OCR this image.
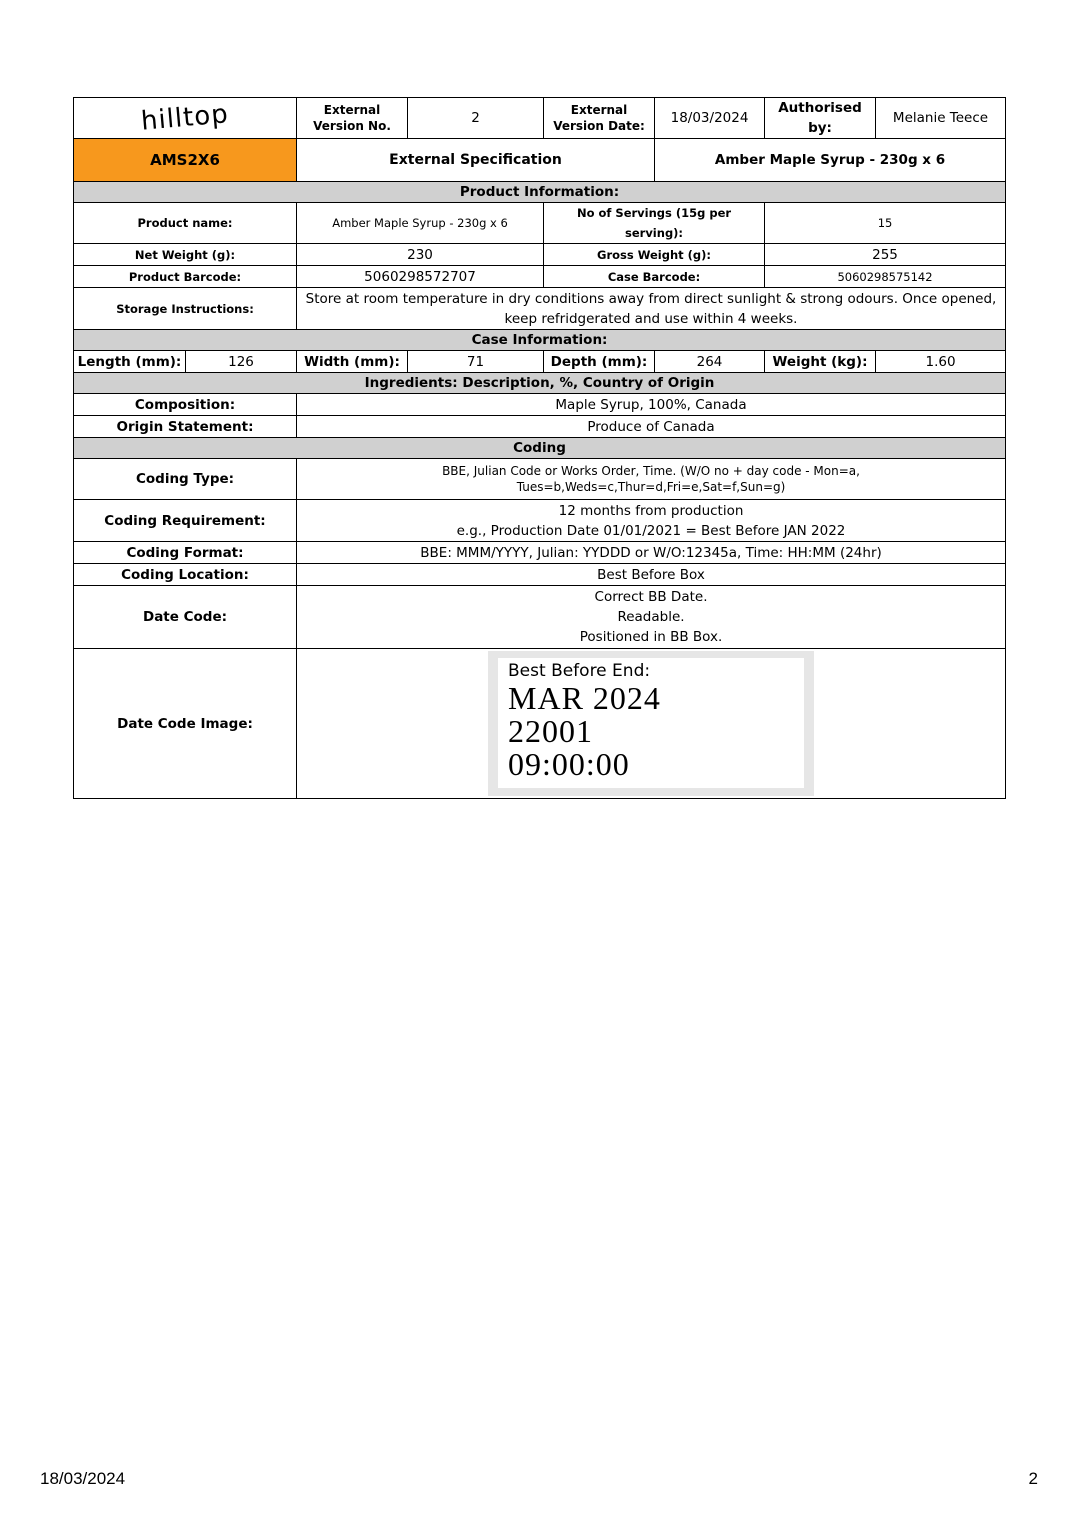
hilltop		External Version No.	2	External Version Date:	18/03/2024	Authorised by:	Melanie Teece
AMS2X6		External Specification			Amber Maple Syrup - 230g x 6		
Product Information:							
Product name:		Amber Maple Syrup - 230g x 6		No of Servings (15g per serving):		15	
Net Weight (g):		230		Gross Weight (g):		255	
Product Barcode:		5060298572707		Case Barcode:		5060298575142	
Storage Instructions:		Store at room temperature in dry conditions away from direct sunlight & strong odours. Once opened, keep refridgerated and use within 4 weeks.					
Case Information:							
Length (mm):	126	Width (mm):	71	Depth (mm):	264	Weight (kg):	1.60
Ingredients: Description, %, Country of Origin							
Composition:		Maple Syrup, 100%, Canada					
Origin Statement:		Produce of Canada					
Coding							
Coding Type:		BBE, Julian Code or Works Order, Time. (W/O no + day code - Mon=a,
Tues=b,Weds=c,Thur=d,Fri=e,Sat=f,Sun=g)					

Coding Requirement:		12 months from production
e.g., Production Date 01/01/2021 = Best Before JAN 2022					

Coding Format:		BBE: MMM/YYYY, Julian: YYDDD or W/O:12345a, Time: HH:MM (24hr)					
Coding Location:		Best Before Box					
Date Code:		Correct BB Date.
Readable.
Positioned in BB Box.					

Date Code Image:		Best Before End:
MAR 2024
22001
09:00:00					
18/03/2024	2
